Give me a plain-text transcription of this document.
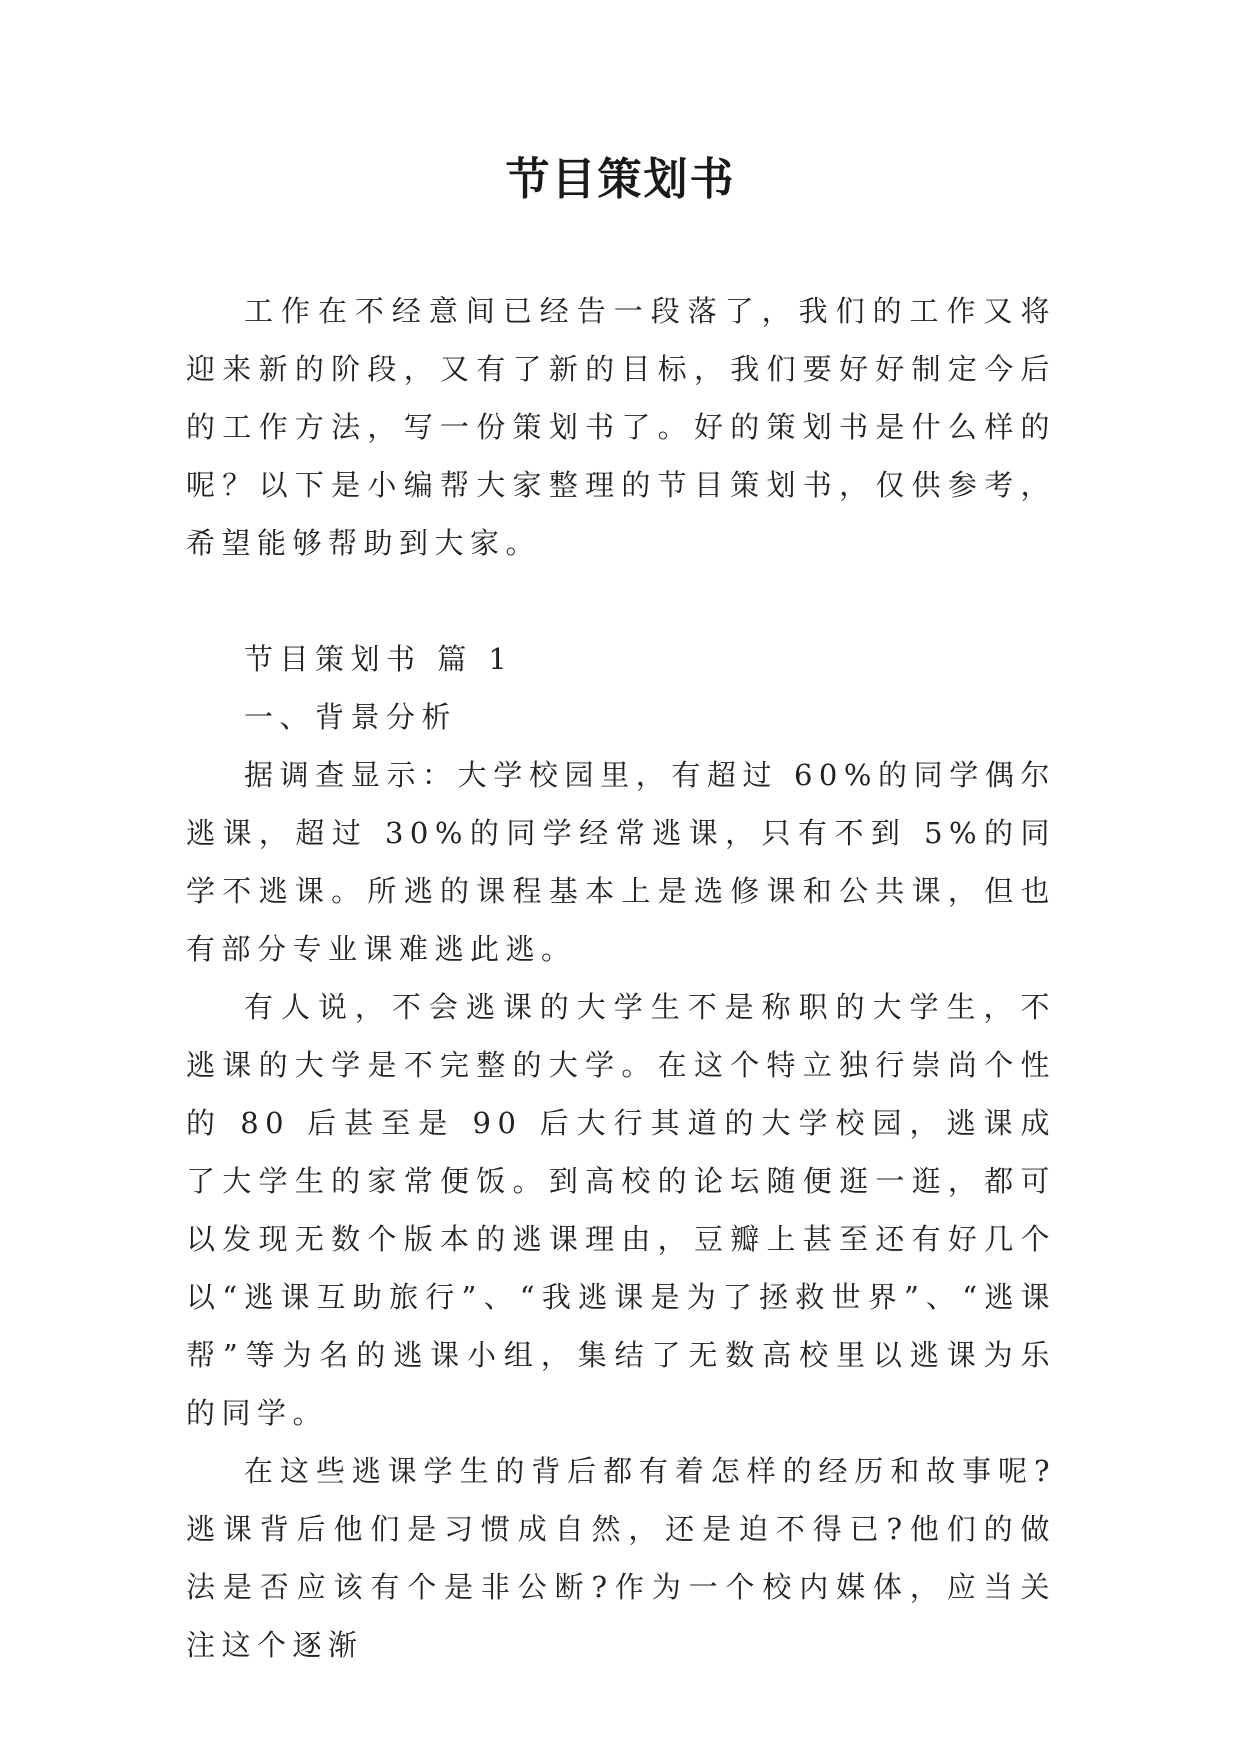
节目策划书

工作在不经意间已经告一段落了，我们的工作又将迎来新的阶段，又有了新的目标，我们要好好制定今后的工作方法，写一份策划书了。好的策划书是什么样的呢？以下是小编帮大家整理的节目策划书，仅供参考，希望能够帮助到大家。

节目策划书 篇 1

一、背景分析

据调查显示：大学校园里，有超过 60%的同学偶尔逃课，超过 30%的同学经常逃课，只有不到 5%的同学不逃课。所逃的课程基本上是选修课和公共课，但也有部分专业课难逃此逃。

有人说，不会逃课的大学生不是称职的大学生，不逃课的大学是不完整的大学。在这个特立独行崇尚个性的 80 后甚至是 90 后大行其道的大学校园，逃课成了大学生的家常便饭。到高校的论坛随便逛一逛，都可以发现无数个版本的逃课理由，豆瓣上甚至还有好几个以“逃课互助旅行”、“我逃课是为了拯救世界”、“逃课帮”等为名的逃课小组，集结了无数高校里以逃课为乐的同学。

在这些逃课学生的背后都有着怎样的经历和故事呢?逃课背后他们是习惯成自然，还是迫不得已?他们的做法是否应该有个是非公断?作为一个校内媒体，应当关注这个逐渐
